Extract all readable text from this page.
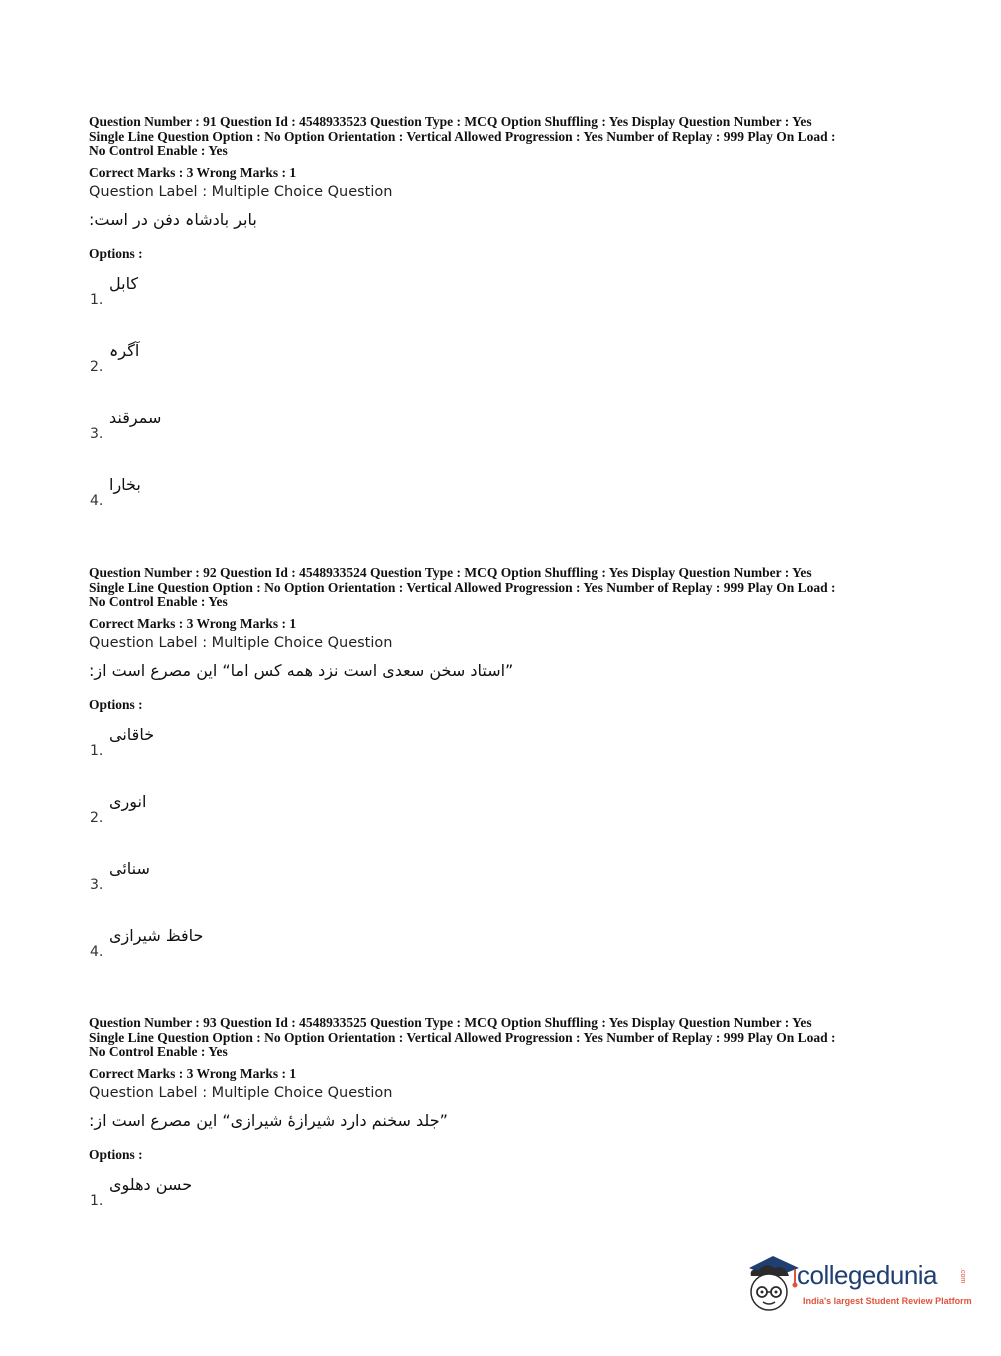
Question Number : 91 Question Id : 4548933523 Question Type : MCQ Option Shuffling : Yes Display Question Number : Yes
Single Line Question Option : No Option Orientation : Vertical Allowed Progression : Yes Number of Replay : 999 Play On Load :
No Control Enable : Yes
Correct Marks : 3 Wrong Marks : 1
Question Label : Multiple Choice Question
بابر بادشاہ دفن در است:
Options :
1.
کابل
2.
آگرہ
3.
سمرقند
4.
بخارا
Question Number : 92 Question Id : 4548933524 Question Type : MCQ Option Shuffling : Yes Display Question Number : Yes
Single Line Question Option : No Option Orientation : Vertical Allowed Progression : Yes Number of Replay : 999 Play On Load :
No Control Enable : Yes
Correct Marks : 3 Wrong Marks : 1
Question Label : Multiple Choice Question
”استاد سخن سعدی است نزد همه کس اما“ این مصرع است از:
Options :
1.
خاقانی
2.
انوری
3.
سنائی
4.
حافظ شیرازی
Question Number : 93 Question Id : 4548933525 Question Type : MCQ Option Shuffling : Yes Display Question Number : Yes
Single Line Question Option : No Option Orientation : Vertical Allowed Progression : Yes Number of Replay : 999 Play On Load :
No Control Enable : Yes
Correct Marks : 3 Wrong Marks : 1
Question Label : Multiple Choice Question
”جلد سخنم دارد شیرازهٔ شیرازی“ این مصرع است از:
Options :
1.
حسن دهلوی
collegedunia	.com
India's largest Student Review Platform
